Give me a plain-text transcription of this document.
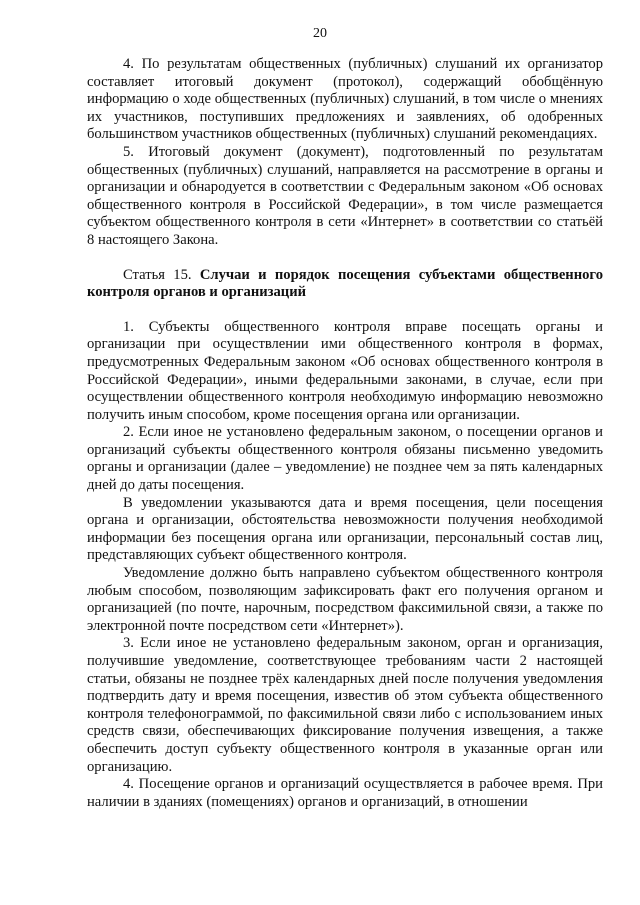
20

4. По результатам общественных (публичных) слушаний их организатор составляет итоговый документ (протокол), содержащий обобщённую информацию о ходе общественных (публичных) слушаний, в том числе о мнениях их участников, поступивших предложениях и заявлениях, об одобренных большинством участников общественных (публичных) слушаний рекомендациях.

5. Итоговый документ (документ), подготовленный по результатам общественных (публичных) слушаний, направляется на рассмотрение в органы и организации и обнародуется в соответствии с Федеральным законом «Об основах общественного контроля в Российской Федерации», в том числе размещается субъектом общественного контроля в сети «Интернет» в соответствии со статьёй 8 настоящего Закона.

Статья 15. Случаи и порядок посещения субъектами общественного контроля органов и организаций

1. Субъекты общественного контроля вправе посещать органы и организации при осуществлении ими общественного контроля в формах, предусмотренных Федеральным законом «Об основах общественного контроля в Российской Федерации», иными федеральными законами, в случае, если при осуществлении общественного контроля необходимую информацию невозможно получить иным способом, кроме посещения органа или организации.

2. Если иное не установлено федеральным законом, о посещении органов и организаций субъекты общественного контроля обязаны письменно уведомить органы и организации (далее – уведомление) не позднее чем за пять календарных дней до даты посещения.

В уведомлении указываются дата и время посещения, цели посещения органа и организации, обстоятельства невозможности получения необходимой информации без посещения органа или организации, персональный состав лиц, представляющих субъект общественного контроля.

Уведомление должно быть направлено субъектом общественного контроля любым способом, позволяющим зафиксировать факт его получения органом и организацией (по почте, нарочным, посредством факсимильной связи, а также по электронной почте посредством сети «Интернет»).

3. Если иное не установлено федеральным законом, орган и организация, получившие уведомление, соответствующее требованиям части 2 настоящей статьи, обязаны не позднее трёх календарных дней после получения уведомления подтвердить дату и время посещения, известив об этом субъекта общественного контроля телефонограммой, по факсимильной связи либо с использованием иных средств связи, обеспечивающих фиксирование получения извещения, а также обеспечить доступ субъекту общественного контроля в указанные орган или организацию.

4. Посещение органов и организаций осуществляется в рабочее время. При наличии в зданиях (помещениях) органов и организаций, в отношении
